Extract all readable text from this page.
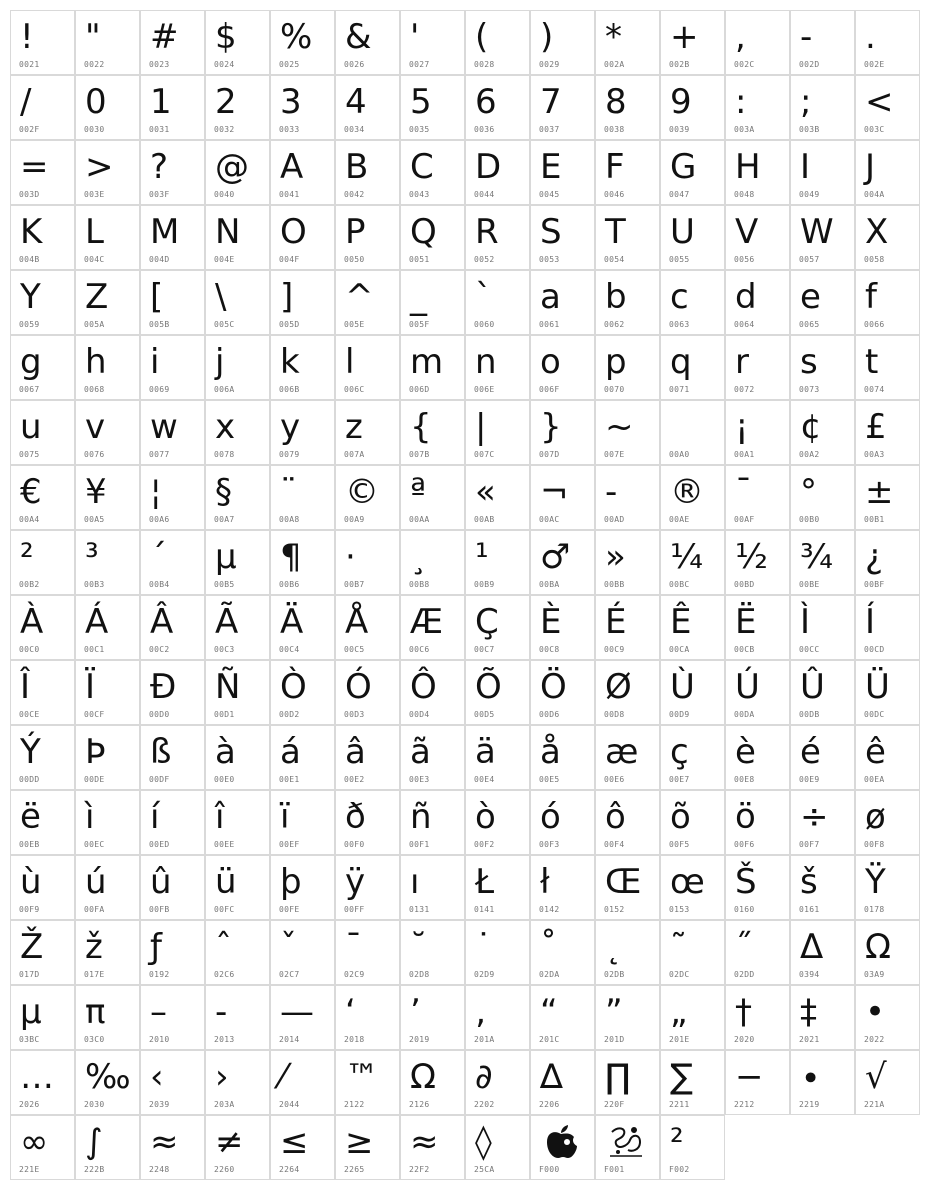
!
0021
"
0022
#
0023
$
0024
%
0025
&
0026
'
0027
(
0028
)
0029
*
002A
+
002B
,
002C
-
002D
.
002E
/
002F
0
0030
1
0031
2
0032
3
0033
4
0034
5
0035
6
0036
7
0037
8
0038
9
0039
:
003A
;
003B
<
003C
=
003D
>
003E
?
003F
@
0040
A
0041
B
0042
C
0043
D
0044
E
0045
F
0046
G
0047
H
0048
I
0049
J
004A
K
004B
L
004C
M
004D
N
004E
O
004F
P
0050
Q
0051
R
0052
S
0053
T
0054
U
0055
V
0056
W
0057
X
0058
Y
0059
Z
005A
[
005B
\
005C
]
005D
^
005E
_
005F
`
0060
a
0061
b
0062
c
0063
d
0064
e
0065
f
0066
g
0067
h
0068
i
0069
j
006A
k
006B
l
006C
m
006D
n
006E
o
006F
p
0070
q
0071
r
0072
s
0073
t
0074
u
0075
v
0076
w
0077
x
0078
y
0079
z
007A
{
007B
|
007C
}
007D
~
007E	00A0
¡
00A1
¢
00A2
£
00A3
€
00A4
¥
00A5
¦
00A6
§
00A7
¨
00A8
©
00A9
ª
00AA
«
00AB
¬
00AC
-
00AD
®
00AE
¯
00AF
°
00B0
±
00B1
²
00B2
³
00B3
´
00B4
µ
00B5
¶
00B6
·
00B7
¸
00B8
¹
00B9
♂
00BA
»
00BB
¼
00BC
½
00BD
¾
00BE
¿
00BF
À
00C0
Á
00C1
Â
00C2
Ã
00C3
Ä
00C4
Å
00C5
Æ
00C6
Ç
00C7
È
00C8
É
00C9
Ê
00CA
Ë
00CB
Ì
00CC
Í
00CD
Î
00CE
Ï
00CF
Ð
00D0
Ñ
00D1
Ò
00D2
Ó
00D3
Ô
00D4
Õ
00D5
Ö
00D6
Ø
00D8
Ù
00D9
Ú
00DA
Û
00DB
Ü
00DC
Ý
00DD
Þ
00DE
ß
00DF
à
00E0
á
00E1
â
00E2
ã
00E3
ä
00E4
å
00E5
æ
00E6
ç
00E7
è
00E8
é
00E9
ê
00EA
ë
00EB
ì
00EC
í
00ED
î
00EE
ï
00EF
ð
00F0
ñ
00F1
ò
00F2
ó
00F3
ô
00F4
õ
00F5
ö
00F6
÷
00F7
ø
00F8
ù
00F9
ú
00FA
û
00FB
ü
00FC
þ
00FE
ÿ
00FF
ı
0131
Ł
0141
ł
0142
Œ
0152
œ
0153
Š
0160
š
0161
Ÿ
0178
Ž
017D
ž
017E
ƒ
0192
ˆ
02C6
ˇ
02C7
ˉ
02C9
˘
02D8
˙
02D9
˚
02DA
˛
02DB
˜
02DC
˝
02DD
Δ
0394
Ω
03A9
μ
03BC
π
03C0
–
2010
-
2013
—
2014
‘
2018
’
2019
‚
201A
“
201C
”
201D
„
201E
†
2020
‡
2021
•
2022
…
2026
‰
2030
‹
2039
›
203A
⁄
2044
™
2122
Ω
2126
∂
2202
∆
2206
∏
220F
∑
2211
−
2212
∙
2219
√
221A
∞
221E
∫
222B
≈
2248
≠
2260
≤
2264
≥
2265
≈
22F2
◊
25CA	F000	F001
²
F002
